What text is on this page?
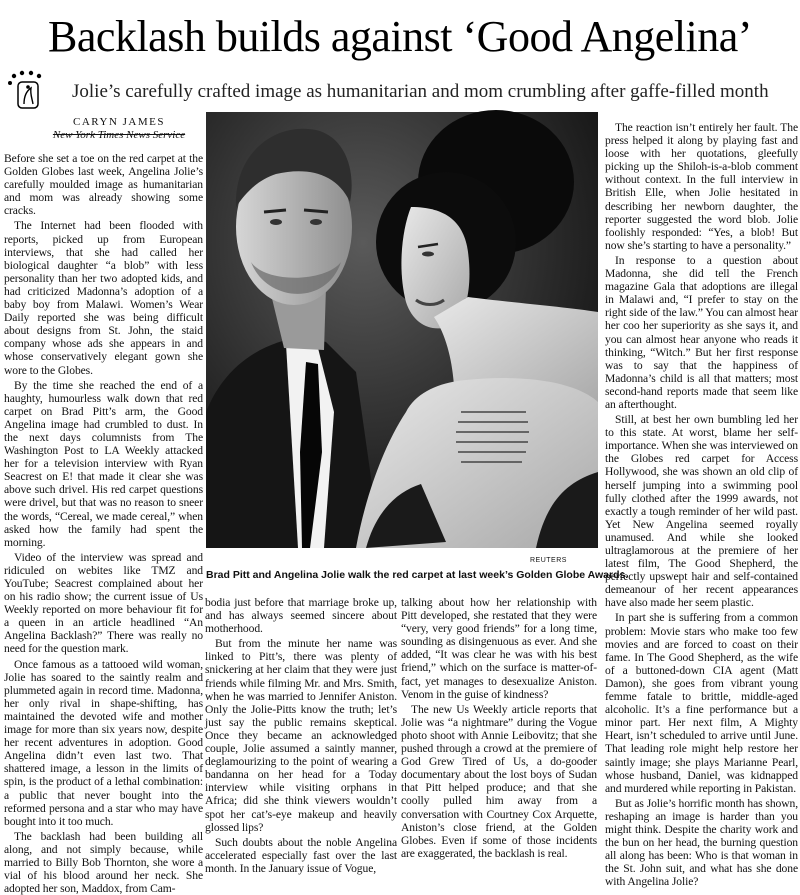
Backlash builds against ‘Good Angelina’
Jolie’s carefully crafted image as humanitarian and mom crumbling after gaffe-filled month
CARYN JAMES
New York Times News Service

Before she set a toe on the red carpet at the Golden Globes last week, Angelina Jolie’s carefully moulded image as humanitarian and mom was already showing some cracks.

The Internet had been flooded with reports, picked up from European interviews, that she had called her biological daughter “a blob” with less personality than her two adopted kids, and had criticized Madonna’s adoption of a baby boy from Malawi. Women’s Wear Daily reported she was being difficult about designs from St. John, the staid company whose ads she appears in and whose conservatively elegant gown she wore to the Globes.

By the time she reached the end of a haughty, humourless walk down that red carpet on Brad Pitt’s arm, the Good Angelina image had crumbled to dust. In the next days columnists from The Washington Post to LA Weekly attacked her for a television interview with Ryan Seacrest on E! that made it clear she was above such drivel. His red carpet questions were drivel, but that was no reason to sneer the words, “Cereal, we made cereal,” when asked how the family had spent the morning.

Video of the interview was spread and ridiculed on webites like TMZ and YouTube; Seacrest complained about her on his radio show; the current issue of Us Weekly reported on more behaviour fit for a queen in an article headlined “An Angelina Backlash?” There was really no need for the question mark.

Once famous as a tattooed wild woman, Jolie has soared to the saintly realm and plummeted again in record time. Madonna, her only rival in shape-shifting, has maintained the devoted wife and mother image for more than six years now, despite her recent adventures in adoption. Good Angelina didn’t even last two. That shattered image, a lesson in the limits of spin, is the product of a lethal combination: a public that never bought into the reformed persona and a star who may have bought into it too much.

The backlash had been building all along, and not simply because, while married to Billy Bob Thornton, she wore a vial of his blood around her neck. She adopted her son, Maddox, from Cam-

REUTERS
Brad Pitt and Angelina Jolie walk the red carpet at last week’s Golden Globe Awards.

bodia just before that marriage broke up, and has always seemed sincere about motherhood.

But from the minute her name was linked to Pitt’s, there was plenty of snickering at her claim that they were just friends while filming Mr. and Mrs. Smith, when he was married to Jennifer Aniston. Only the Jolie-Pitts know the truth; let’s just say the public remains skeptical. Once they became an acknowledged couple, Jolie assumed a saintly manner, deglamourizing to the point of wearing a bandanna on her head for a Today interview while visiting orphans in Africa; did she think viewers wouldn’t spot her cat’s-eye makeup and heavily glossed lips?

Such doubts about the noble Angelina accelerated especially fast over the last month. In the January issue of Vogue,

talking about how her relationship with Pitt developed, she restated that they were “very, very good friends” for a long time, sounding as disingenuous as ever. And she added, “It was clear he was with his best friend,” which on the surface is matter-of-fact, yet manages to desexualize Aniston. Venom in the guise of kindness?

The new Us Weekly article reports that Jolie was “a nightmare” during the Vogue photo shoot with Annie Leibovitz; that she pushed through a crowd at the premiere of God Grew Tired of Us, a do-gooder documentary about the lost boys of Sudan that Pitt helped produce; and that she coolly pulled him away from a conversation with Courtney Cox Arquette, Aniston’s close friend, at the Golden Globes. Even if some of those incidents are exaggerated, the backlash is real.

The reaction isn’t entirely her fault. The press helped it along by playing fast and loose with her quotations, gleefully picking up the Shiloh-is-a-blob comment without context. In the full interview in British Elle, when Jolie hesitated in describing her newborn daughter, the reporter suggested the word blob. Jolie foolishly responded: “Yes, a blob! But now she’s starting to have a personality.”

In response to a question about Madonna, she did tell the French magazine Gala that adoptions are illegal in Malawi and, “I prefer to stay on the right side of the law.” You can almost hear her coo her superiority as she says it, and you can almost hear anyone who reads it thinking, “Witch.” But her first response was to say that the happiness of Madonna’s child is all that matters; most second-hand reports made that seem like an afterthought.

Still, at best her own bumbling led her to this state. At worst, blame her self-importance. When she was interviewed on the Globes red carpet for Access Hollywood, she was shown an old clip of herself jumping into a swimming pool fully clothed after the 1999 awards, not exactly a tough reminder of her wild past. Yet New Angelina seemed royally unamused. And while she looked ultraglamorous at the premiere of her latest film, The Good Shepherd, the perfectly upswept hair and self-contained demeanour of her recent appearances have also made her seem plastic.

In part she is suffering from a common problem: Movie stars who make too few movies and are forced to coast on their fame. In The Good Shepherd, as the wife of a buttoned-down CIA agent (Matt Damon), she goes from vibrant young femme fatale to brittle, middle-aged alcoholic. It’s a fine performance but a minor part. Her next film, A Mighty Heart, isn’t scheduled to arrive until June. That leading role might help restore her saintly image; she plays Marianne Pearl, whose husband, Daniel, was kidnapped and murdered while reporting in Pakistan.

But as Jolie’s horrific month has shown, reshaping an image is harder than you might think. Despite the charity work and the bun on her head, the burning question all along has been: Who is that woman in the St. John suit, and what has she done with Angelina Jolie?
